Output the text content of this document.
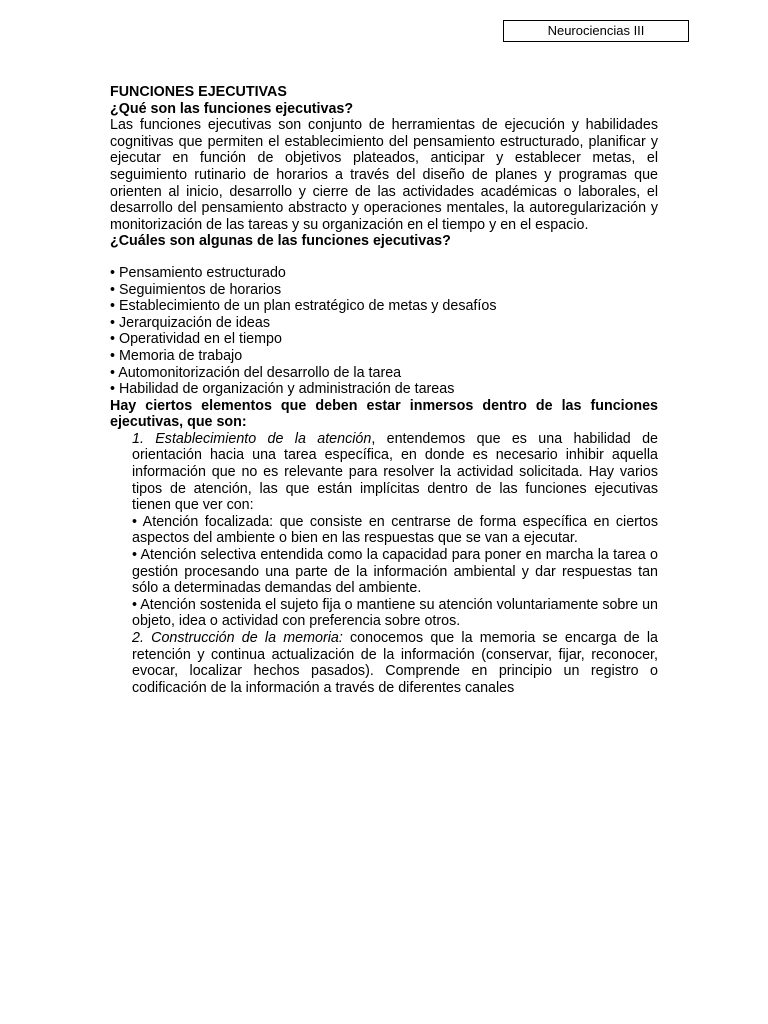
Neurociencias III

FUNCIONES EJECUTIVAS

¿Qué son las funciones ejecutivas?

Las funciones ejecutivas son conjunto de herramientas de ejecución y habilidades cognitivas que permiten el establecimiento del pensamiento estructurado, planificar y ejecutar en función de objetivos plateados, anticipar y establecer metas, el seguimiento rutinario de horarios a través del diseño de planes y programas que orienten al inicio, desarrollo y cierre de las actividades académicas o laborales, el desarrollo del pensamiento abstracto y operaciones mentales, la autoregularización y monitorización de las tareas y su organización en el tiempo y en el espacio.

¿Cuáles son algunas de las funciones ejecutivas?

• Pensamiento estructurado
• Seguimientos de horarios
• Establecimiento de un plan estratégico de metas y desafíos
• Jerarquización de ideas
• Operatividad en el tiempo
• Memoria de trabajo
• Automonitorización del desarrollo de la tarea
• Habilidad de organización y administración de tareas

Hay ciertos elementos que deben estar inmersos dentro de las funciones ejecutivas, que son:

1. Establecimiento de la atención, entendemos que es una habilidad de orientación hacia una tarea específica, en donde es necesario inhibir aquella información que no es relevante para resolver la actividad solicitada. Hay varios tipos de atención, las que están implícitas dentro de las funciones ejecutivas tienen que ver con:

• Atención focalizada: que consiste en centrarse de forma específica en ciertos aspectos del ambiente o bien en las respuestas que se van a ejecutar.

• Atención selectiva entendida como la capacidad para poner en marcha la tarea o gestión procesando una parte de la información ambiental y dar respuestas tan sólo a determinadas demandas del ambiente.

• Atención sostenida el sujeto fija o mantiene su atención voluntariamente sobre un objeto, idea o actividad con preferencia sobre otros.

2. Construcción de la memoria: conocemos que la memoria se encarga de la retención y continua actualización de la información (conservar, fijar, reconocer, evocar, localizar hechos pasados). Comprende en principio un registro o codificación de la información a través de diferentes canales
